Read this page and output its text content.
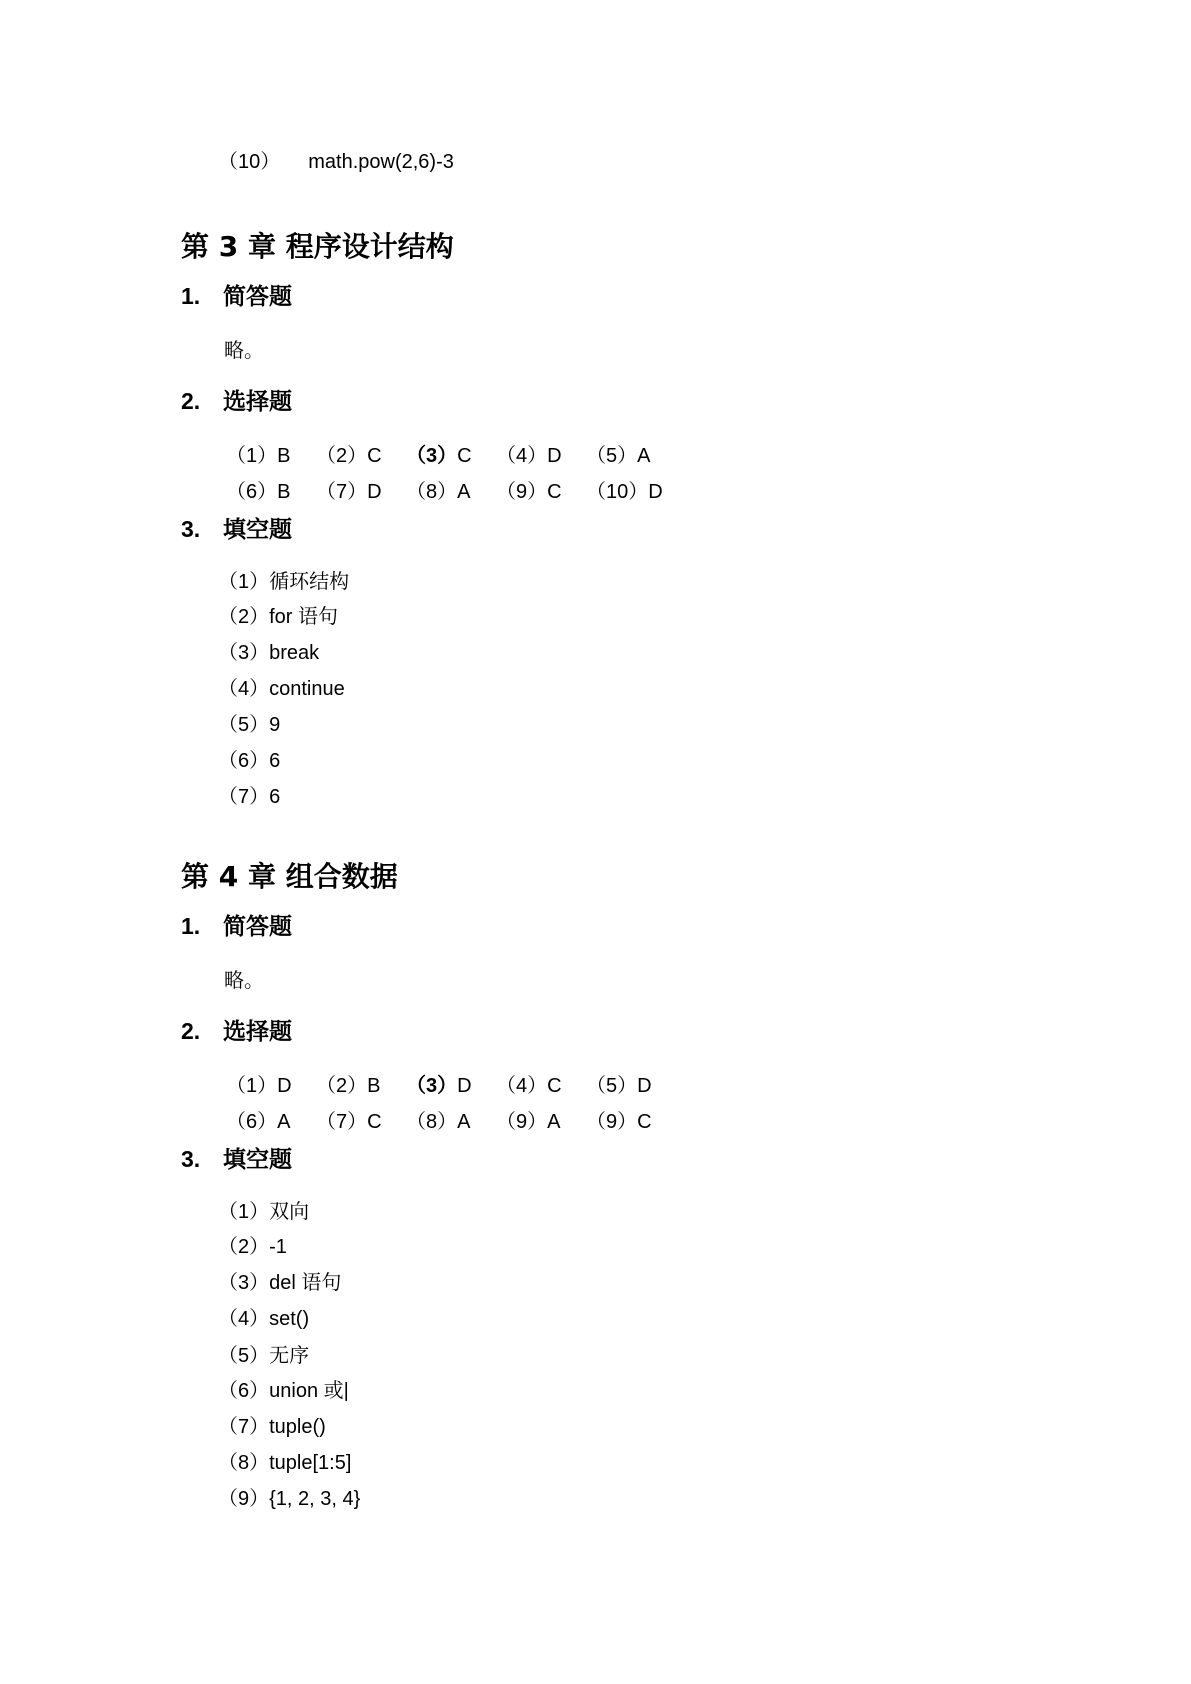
（10） math.pow(2,6)-3
第 3 章 程序设计结构
1. 简答题
略。
2. 选择题
（1）B （2）C （3）C （4）D （5）A
（6）B （7）D （8）A （9）C （10）D
3. 填空题
（1）循环结构
（2）for 语句
（3）break
（4）continue
（5）9
（6）6
（7）6
第 4 章 组合数据
1. 简答题
略。
2. 选择题
（1）D （2）B （3）D （4）C （5）D
（6）A （7）C （8）A （9）A （9）C
3. 填空题
（1）双向
（2）-1
（3）del 语句
（4）set()
（5）无序
（6）union 或|
（7）tuple()
（8）tuple[1:5]
（9）{1, 2, 3, 4}
